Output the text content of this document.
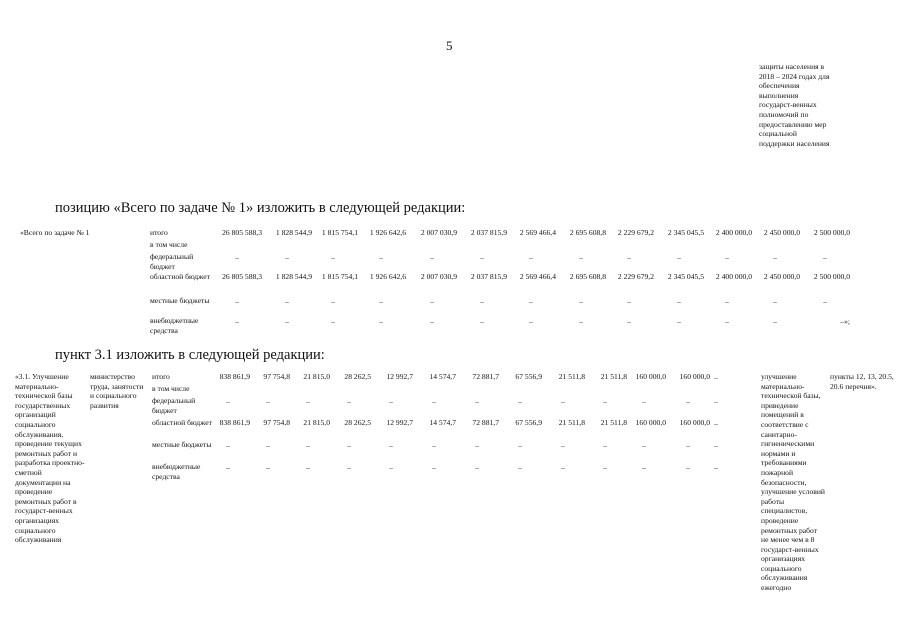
5
защиты населения в 2018 – 2024 годах для обеспечения выполнения государст-венных полномочий по предоставлению мер социальной поддержки населения
позицию «Всего по задаче № 1» изложить в следующей редакции:
«Всего по задаче № 1	итого	26 805 588,3	1 828 544,9	1 815 754,1	1 926 642,6	2 007 030,9	2 037 815,9	2 569 466,4	2 695 608,8	2 229 679,2	2 345 045,5	2 400 000,0	2 450 000,0	2 500 000,0
в том числе
федеральный бюджет
–	–	–	–	–	–	–	–	–	–	–	–	–
областной бюджет	26 805 588,3	1 828 544,9	1 815 754,1	1 926 642,6	2 007 030,9	2 037 815,9	2 569 466,4	2 695 608,8	2 229 679,2	2 345 045,5	2 400 000,0	2 450 000,0	2 500 000,0
местные бюджеты	–	–	–	–	–	–	–	–	–	–	–	–	–
внебюджетные средства
–	–	–	–	–	–	–	–	–	–	–	–	–»;
пункт 3.1 изложить в следующей редакции:
«3.1. Улучшение материально-технической базы государственных организаций социального обслуживания, проведение текущих ремонтных работ и разработка проектно-сметной документации на проведение ремонтных работ в государст-венных организациях социального обслуживания
министерство труда, занятости и социального развития
итого	838 861,9	97 754,8	21 815,0	28 262,5	12 992,7	14 574,7	72 881,7	67 556,9	21 511,8	21 511,8	160 000,0	160 000,0 –
в том числе
федеральный бюджет
–	–	–	–	–	–	–	–	–	–	–	–	–
областной бюджет	838 861,9	97 754,8	21 815,0	28 262,5	12 992,7	14 574,7	72 881,7	67 556,9	21 511,8	21 511,8	160 000,0	160 000,0 –
местные бюджеты	–	–	–	–	–	–	–	–	–	–	–	–	–
внебюджетные средства
–	–	–	–	–	–	–	–	–	–	–	–	–
улучшение материально-технической базы, приведение помещений в соответствие с санитарно-гигиеническими нормами и требованиями пожарной безопасности, улучшение условий работы специалистов, проведение ремонтных работ не менее чем в 8 государст-венных организациях социального обслуживания ежегодно
пункты 12, 13, 20.5, 20.6 перечня».
